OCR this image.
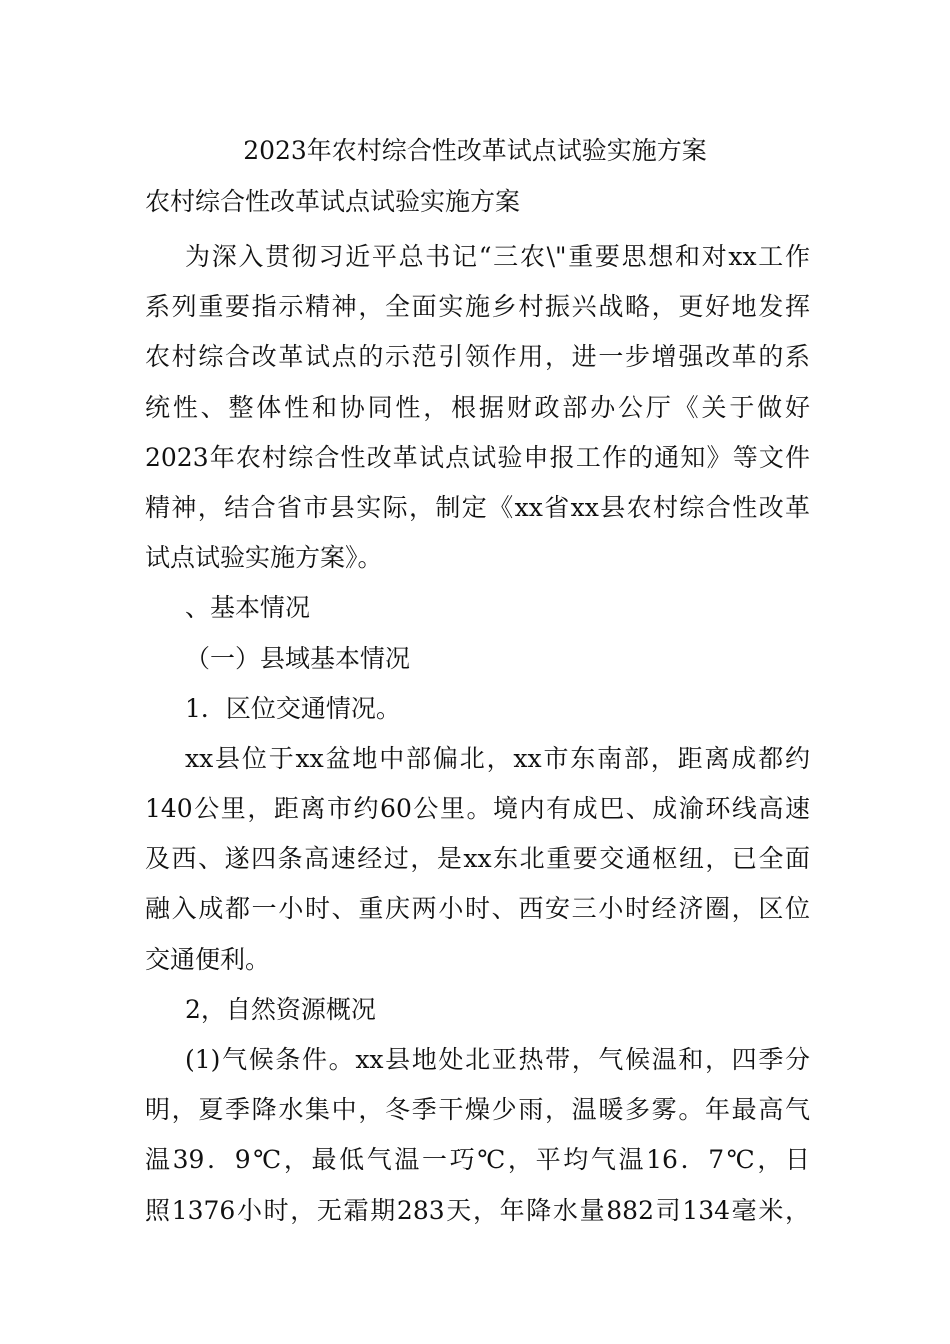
2023年农村综合性改革试点试验实施方案
农村综合性改革试点试验实施方案
为深入贯彻习近平总书记“三农\"重要思想和对xx工作
系列重要指示精神，全面实施乡村振兴战略，更好地发挥
农村综合改革试点的示范引领作用，进一步增强改革的系
统性、整体性和协同性，根据财政部办公厅《关于做好
2023年农村综合性改革试点试验申报工作的通知》等文件
精神，结合省市县实际，制定《xx省xx县农村综合性改革
试点试验实施方案》。
、基本情况
（一）县域基本情况
1．区位交通情况。
xx县位于xx盆地中部偏北，xx市东南部，距离成都约
140公里，距离市约60公里。境内有成巴、成渝环线高速
及西、遂四条高速经过，是xx东北重要交通枢纽，已全面
融入成都一小时、重庆两小时、西安三小时经济圈，区位
交通便利。
2，自然资源概况
(1)气候条件。xx县地处北亚热带，气候温和，四季分
明，夏季降水集中，冬季干燥少雨，温暖多雾。年最高气
温39．9℃，最低气温一巧℃，平均气温16．7℃，日
照1376小时，无霜期283天，年降水量882司134毫米，
